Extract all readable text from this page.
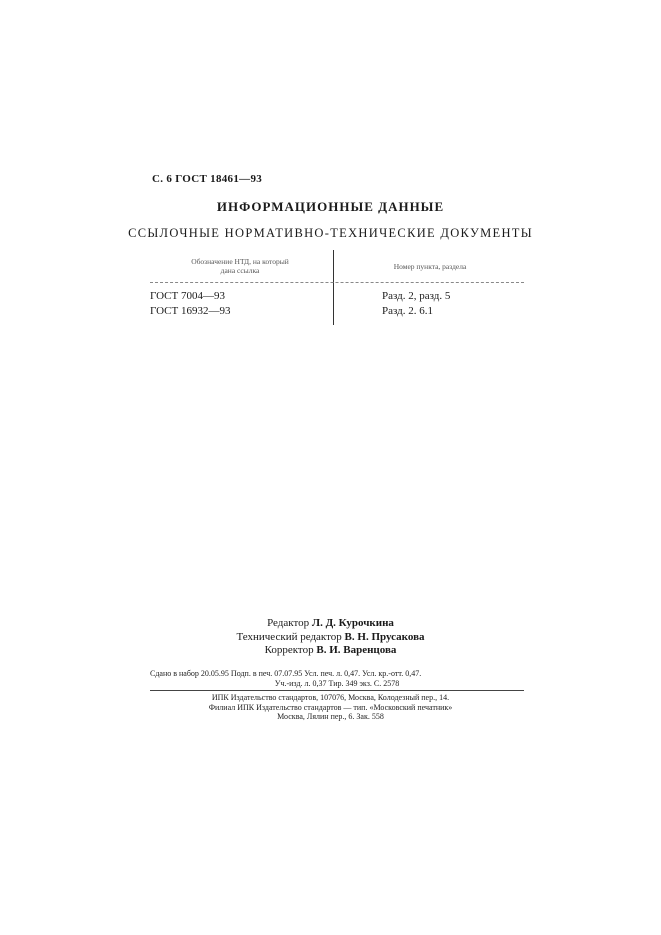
С. 6 ГОСТ 18461—93
ИНФОРМАЦИОННЫЕ ДАННЫЕ
ССЫЛОЧНЫЕ НОРМАТИВНО-ТЕХНИЧЕСКИЕ ДОКУМЕНТЫ
Обозначение НТД, на который
дана ссылка	Номер пункта, раздела
ГОСТ 7004—93	Разд. 2, разд. 5
ГОСТ 16932—93	Разд. 2. 6.1
Редактор Л. Д. Курочкина
Технический редактор В. Н. Прусакова
Корректор В. И. Варенцова
Сдано в набор 20.05.95 Подп. в печ. 07.07.95 Усл. печ. л. 0,47. Усл. кр.-отт. 0,47.
Уч.-изд. л. 0,37 Тир. 349 экз. С. 2578
ИПК Издательство стандартов, 107076, Москва, Колодезный пер., 14.
Филиал ИПК Издательство стандартов — тип. «Московский печатник»
Москва, Лялин пер., 6. Зак. 558
